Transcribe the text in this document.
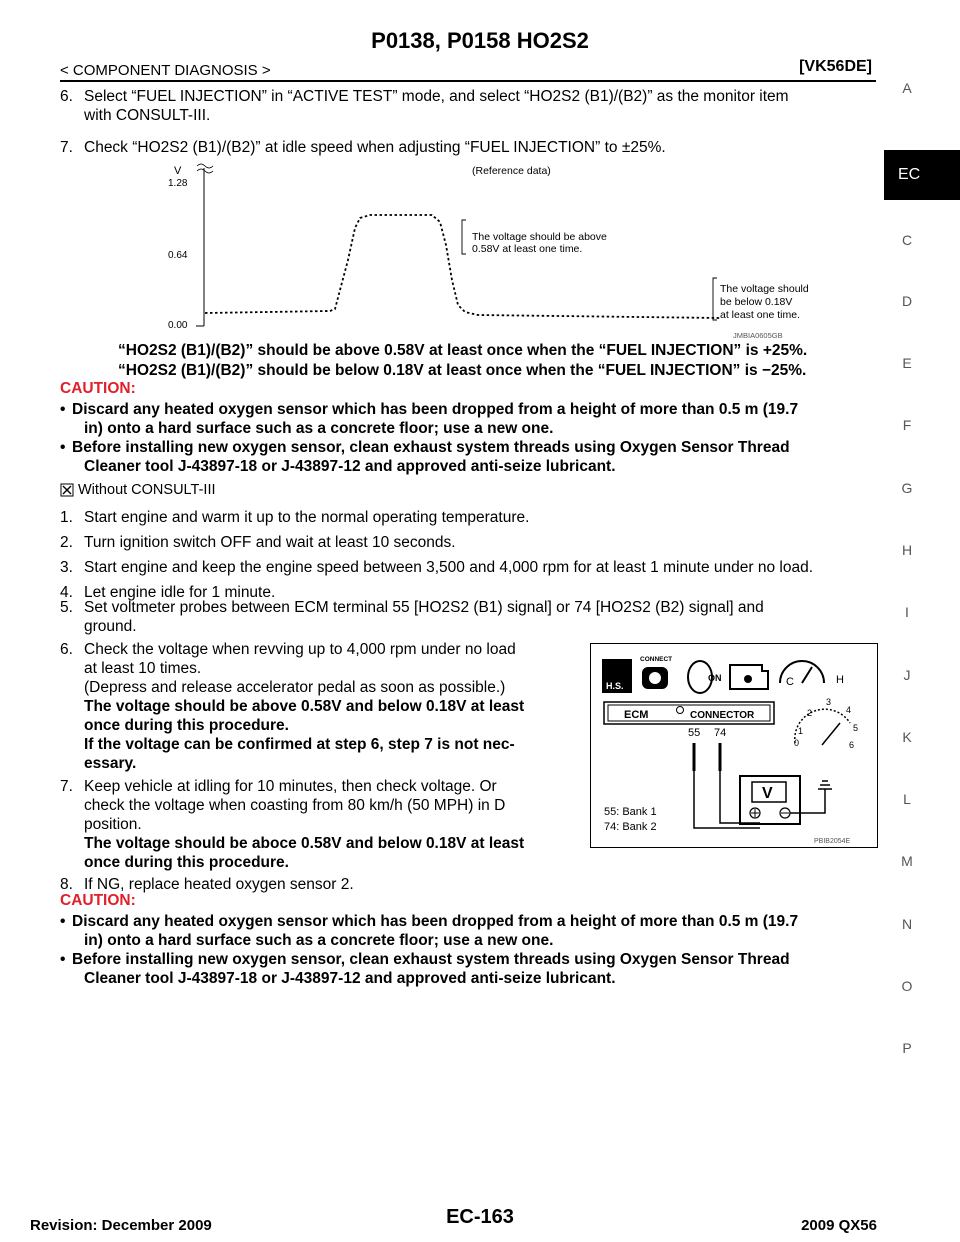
P0138, P0158 HO2S2
< COMPONENT DIAGNOSIS >	[VK56DE]
A
C
D
E
F
G
H
I
J
K
L
M
N
O
P
EC
6. Select “FUEL INJECTION” in “ACTIVE TEST” mode, and select “HO2S2 (B1)/(B2)” as the monitor item
with CONSULT-III.
7. Check “HO2S2 (B1)/(B2)” at idle speed when adjusting “FUEL INJECTION” to ±25%.
V
1.28
0.64
0.00
(Reference data)
The voltage should be above
0.58V at least one time.
The voltage should
be below 0.18V
at least one time.
JMBIA0605GB
“HO2S2 (B1)/(B2)” should be above 0.58V at least once when the “FUEL INJECTION” is +25%.
“HO2S2 (B1)/(B2)” should be below 0.18V at least once when the “FUEL INJECTION” is −25%.
CAUTION:
• Discard any heated oxygen sensor which has been dropped from a height of more than 0.5 m (19.7
in) onto a hard surface such as a concrete floor; use a new one.
• Before installing new oxygen sensor, clean exhaust system threads using Oxygen Sensor Thread
Cleaner tool J-43897-18 or J-43897-12 and approved anti-seize lubricant.
Without CONSULT-III
1. Start engine and warm it up to the normal operating temperature.
2. Turn ignition switch OFF and wait at least 10 seconds.
3. Start engine and keep the engine speed between 3,500 and 4,000 rpm for at least 1 minute under no load.
4. Let engine idle for 1 minute.
5. Set voltmeter probes between ECM terminal 55 [HO2S2 (B1) signal] or 74 [HO2S2 (B2) signal] and
ground.
6. Check the voltage when revving up to 4,000 rpm under no load
at least 10 times.
(Depress and release accelerator pedal as soon as possible.)
The voltage should be above 0.58V and below 0.18V at least
once during this procedure.
If the voltage can be confirmed at step 6, step 7 is not nec-
essary.
7. Keep vehicle at idling for 10 minutes, then check voltage. Or
check the voltage when coasting from 80 km/h (50 MPH) in D
position.
The voltage should be aboce 0.58V and below 0.18V at least
once during this procedure.
8. If NG, replace heated oxygen sensor 2.
H.S.
CONNECT
ON	C	H
ECM	CONNECTOR
55 74
0
1
2
3
4
5
6
V
55: Bank 1
74: Bank 2
PBIB2054E
CAUTION:
• Discard any heated oxygen sensor which has been dropped from a height of more than 0.5 m (19.7
in) onto a hard surface such as a concrete floor; use a new one.
• Before installing new oxygen sensor, clean exhaust system threads using Oxygen Sensor Thread
Cleaner tool J-43897-18 or J-43897-12 and approved anti-seize lubricant.
Revision: December 2009	EC-163	2009 QX56
